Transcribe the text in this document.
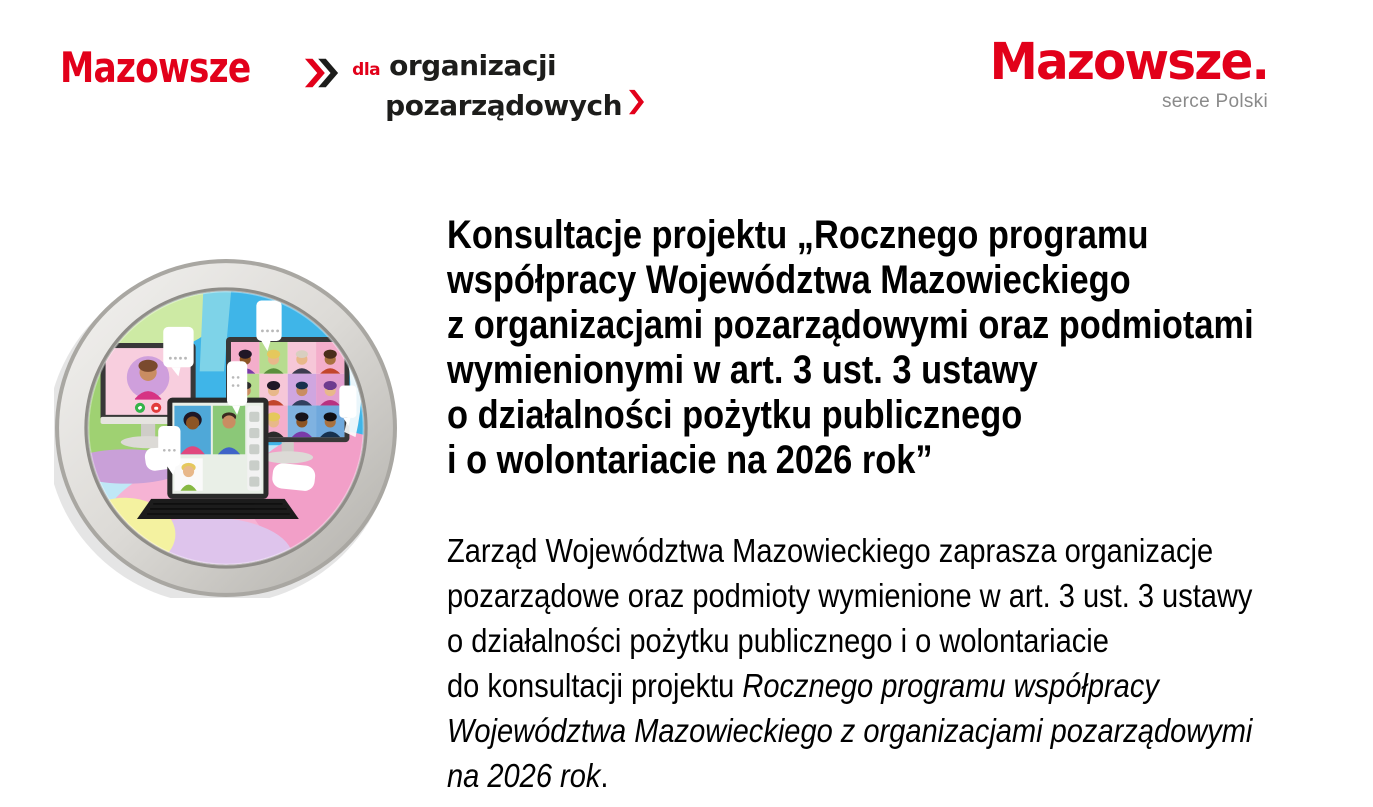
Mazowsze	dla organizacji
pozarządowych
Mazowsze.
serce Polski
Konsultacje projektu „Rocznego programu
współpracy Województwa Mazowieckiego
z organizacjami pozarządowymi oraz podmiotami
wymienionymi w art. 3 ust. 3 ustawy
o działalności pożytku publicznego
i o wolontariacie na 2026 rok”

Zarząd Województwa Mazowieckiego zaprasza organizacje
pozarządowe oraz podmioty wymienione w art. 3 ust. 3 ustawy
o działalności pożytku publicznego i o wolontariacie
do konsultacji projektu Rocznego programu współpracy
Województwa Mazowieckiego z organizacjami pozarządowymi
na 2026 rok.
